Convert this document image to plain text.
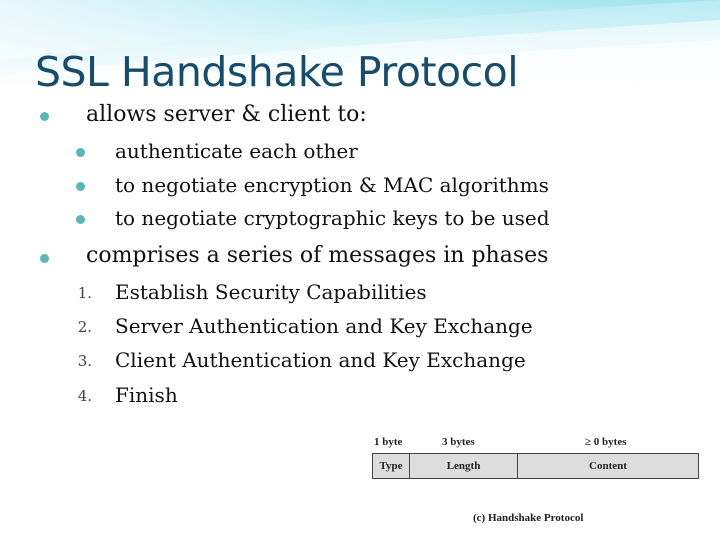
SSL Handshake Protocol
allows server & client to:
authenticate each other
to negotiate encryption & MAC algorithms
to negotiate cryptographic keys to be used
comprises a series of messages in phases
1. Establish Security Capabilities
2. Server Authentication and Key Exchange
3. Client Authentication and Key Exchange
4. Finish
1 byte	3 bytes	≥ 0 bytes
Type	Length	Content
(c) Handshake Protocol
